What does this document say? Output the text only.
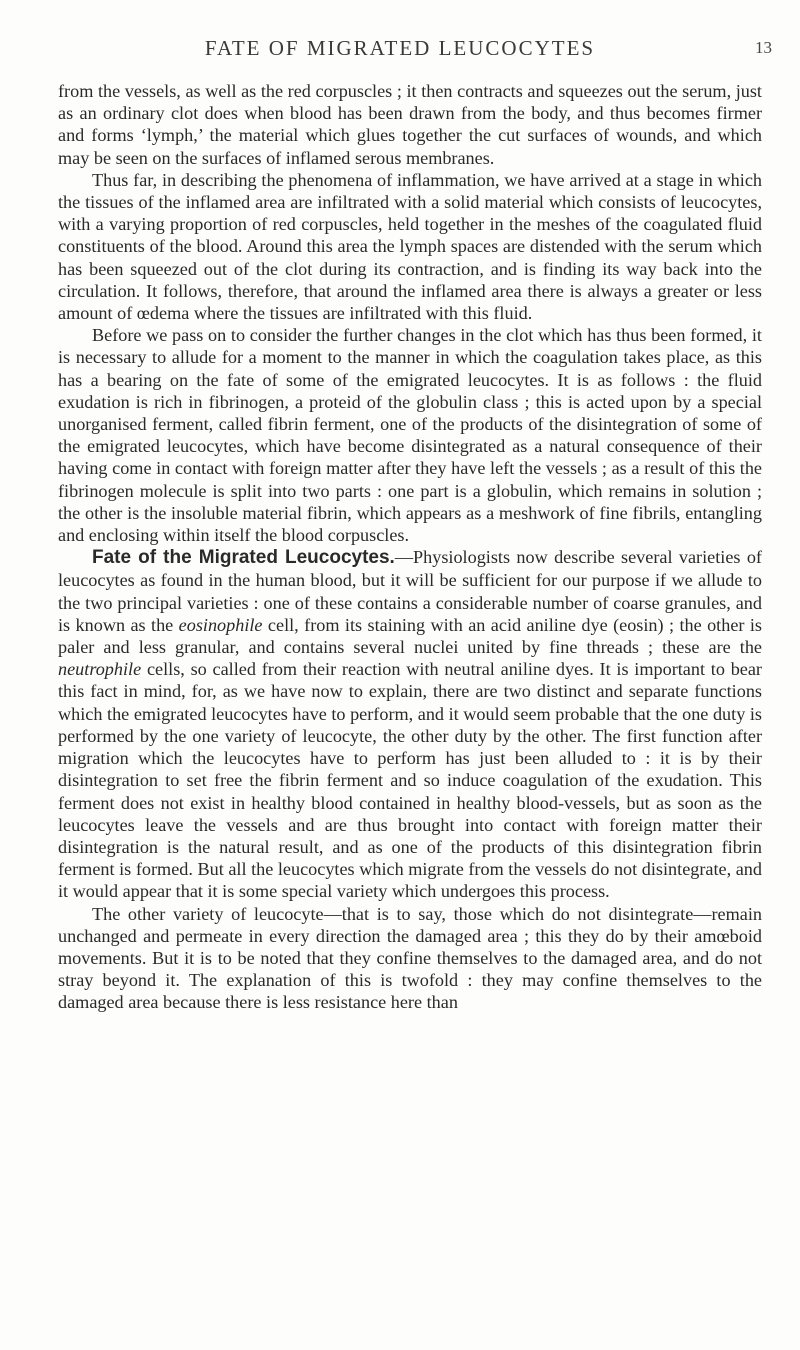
FATE OF MIGRATED LEUCOCYTES	13

from the vessels, as well as the red corpuscles ; it then contracts and squeezes out the serum, just as an ordinary clot does when blood has been drawn from the body, and thus becomes firmer and forms ‘lymph,’ the material which glues together the cut surfaces of wounds, and which may be seen on the surfaces of inflamed serous membranes.

Thus far, in describing the phenomena of inflammation, we have arrived at a stage in which the tissues of the inflamed area are infiltrated with a solid material which consists of leucocytes, with a varying proportion of red corpuscles, held together in the meshes of the coagulated fluid constituents of the blood. Around this area the lymph spaces are distended with the serum which has been squeezed out of the clot during its contraction, and is finding its way back into the circulation. It follows, therefore, that around the inflamed area there is always a greater or less amount of œdema where the tissues are infiltrated with this fluid.

Before we pass on to consider the further changes in the clot which has thus been formed, it is necessary to allude for a moment to the manner in which the coagulation takes place, as this has a bearing on the fate of some of the emigrated leucocytes. It is as follows : the fluid exudation is rich in fibrinogen, a proteid of the globulin class ; this is acted upon by a special unorganised ferment, called fibrin ferment, one of the products of the disintegration of some of the emigrated leucocytes, which have become disintegrated as a natural consequence of their having come in contact with foreign matter after they have left the vessels ; as a result of this the fibrinogen molecule is split into two parts : one part is a globulin, which remains in solution ; the other is the insoluble material fibrin, which appears as a meshwork of fine fibrils, entangling and enclosing within itself the blood corpuscles.

Fate of the Migrated Leucocytes.—Physiologists now describe several varieties of leucocytes as found in the human blood, but it will be sufficient for our purpose if we allude to the two principal varieties : one of these contains a considerable number of coarse granules, and is known as the eosinophile cell, from its staining with an acid aniline dye (eosin) ; the other is paler and less granular, and contains several nuclei united by fine threads ; these are the neutrophile cells, so called from their reaction with neutral aniline dyes. It is important to bear this fact in mind, for, as we have now to explain, there are two distinct and separate functions which the emigrated leucocytes have to perform, and it would seem probable that the one duty is performed by the one variety of leucocyte, the other duty by the other. The first function after migration which the leucocytes have to perform has just been alluded to : it is by their disintegration to set free the fibrin ferment and so induce coagulation of the exudation. This ferment does not exist in healthy blood contained in healthy blood-vessels, but as soon as the leucocytes leave the vessels and are thus brought into contact with foreign matter their disintegration is the natural result, and as one of the products of this disintegration fibrin ferment is formed. But all the leucocytes which migrate from the vessels do not disintegrate, and it would appear that it is some special variety which undergoes this process.

The other variety of leucocyte—that is to say, those which do not disintegrate—remain unchanged and permeate in every direction the damaged area ; this they do by their amœboid movements. But it is to be noted that they confine themselves to the damaged area, and do not stray beyond it. The explanation of this is twofold : they may confine themselves to the damaged area because there is less resistance here than
